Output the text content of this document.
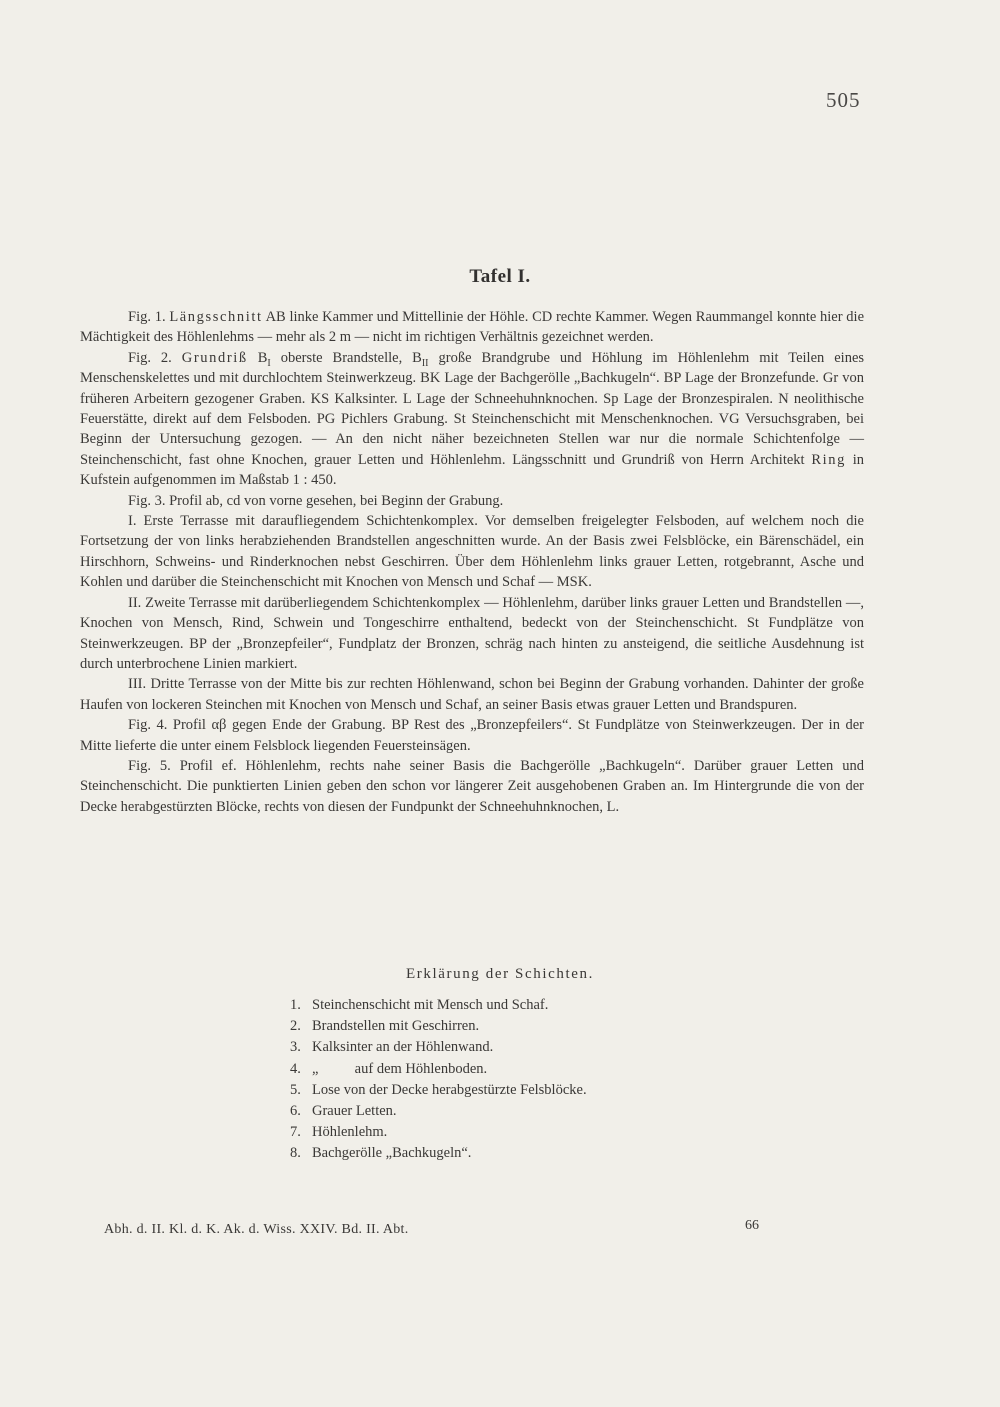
505
Tafel I.

Fig. 1. Längsschnitt AB linke Kammer und Mittellinie der Höhle. CD rechte Kammer. Wegen Raummangel konnte hier die Mächtigkeit des Höhlenlehms — mehr als 2 m — nicht im richtigen Verhältnis gezeichnet werden.

Fig. 2. Grundriß $B_I$ oberste Brandstelle, $B_{II}$ große Brandgrube und Höhlung im Höhlenlehm mit Teilen eines Menschenskelettes und mit durchlochtem Steinwerkzeug. BK Lage der Bachgerölle „Bachkugeln“. BP Lage der Bronzefunde. Gr von früheren Arbeitern gezogener Graben. KS Kalksinter. L Lage der Schneehuhnknochen. Sp Lage der Bronzespiralen. N neolithische Feuerstätte, direkt auf dem Felsboden. PG Pichlers Grabung. St Steinchenschicht mit Menschenknochen. VG Versuchsgraben, bei Beginn der Untersuchung gezogen. — An den nicht näher bezeichneten Stellen war nur die normale Schichtenfolge — Steinchenschicht, fast ohne Knochen, grauer Letten und Höhlenlehm. Längsschnitt und Grundriß von Herrn Architekt Ring in Kufstein aufgenommen im Maßstab 1 : 450.

Fig. 3. Profil ab, cd von vorne gesehen, bei Beginn der Grabung.

I. Erste Terrasse mit daraufliegendem Schichtenkomplex. Vor demselben freigelegter Felsboden, auf welchem noch die Fortsetzung der von links herabziehenden Brandstellen angeschnitten wurde. An der Basis zwei Felsblöcke, ein Bärenschädel, ein Hirschhorn, Schweins- und Rinderknochen nebst Geschirren. Über dem Höhlenlehm links grauer Letten, rotgebrannt, Asche und Kohlen und darüber die Steinchenschicht mit Knochen von Mensch und Schaf — MSK.

II. Zweite Terrasse mit darüberliegendem Schichtenkomplex — Höhlenlehm, darüber links grauer Letten und Brandstellen —, Knochen von Mensch, Rind, Schwein und Tongeschirre enthaltend, bedeckt von der Steinchenschicht. St Fundplätze von Steinwerkzeugen. BP der „Bronzepfeiler“, Fundplatz der Bronzen, schräg nach hinten zu ansteigend, die seitliche Ausdehnung ist durch unterbrochene Linien markiert.

III. Dritte Terrasse von der Mitte bis zur rechten Höhlenwand, schon bei Beginn der Grabung vorhanden. Dahinter der große Haufen von lockeren Steinchen mit Knochen von Mensch und Schaf, an seiner Basis etwas grauer Letten und Brandspuren.

Fig. 4. Profil αβ gegen Ende der Grabung. BP Rest des „Bronzepfeilers“. St Fundplätze von Steinwerkzeugen. Der in der Mitte lieferte die unter einem Felsblock liegenden Feuersteinsägen.

Fig. 5. Profil ef. Höhlenlehm, rechts nahe seiner Basis die Bachgerölle „Bachkugeln“. Darüber grauer Letten und Steinchenschicht. Die punktierten Linien geben den schon vor längerer Zeit ausgehobenen Graben an. Im Hintergrunde die von der Decke herabgestürzten Blöcke, rechts von diesen der Fundpunkt der Schneehuhnknochen, L.

Erklärung der Schichten.
1. Steinchenschicht mit Mensch und Schaf.
2. Brandstellen mit Geschirren.
3. Kalksinter an der Höhlenwand.
4. „          auf dem Höhlenboden.
5. Lose von der Decke herabgestürzte Felsblöcke.
6. Grauer Letten.
7. Höhlenlehm.
8. Bachgerölle „Bachkugeln“.
Abh. d. II. Kl. d. K. Ak. d. Wiss. XXIV. Bd. II. Abt.	66
